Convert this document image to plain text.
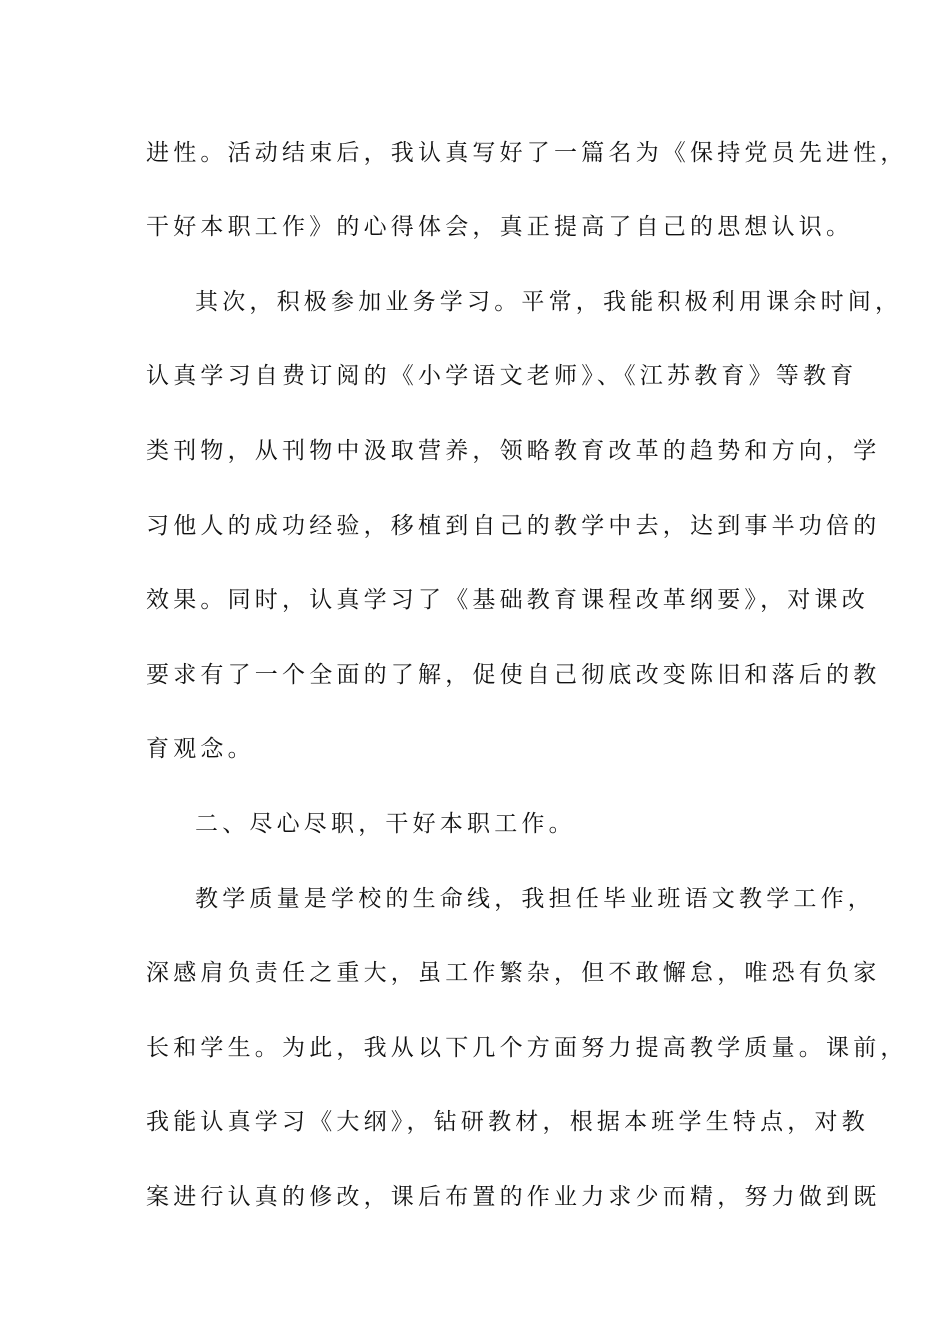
进性。活动结束后，我认真写好了一篇名为《保持党员先进性，
干好本职工作》的心得体会，真正提高了自己的思想认识。
其次，积极参加业务学习。平常，我能积极利用课余时间，
认真学习自费订阅的《小学语文老师》、《江苏教育》等教育
类刊物，从刊物中汲取营养，领略教育改革的趋势和方向，学
习他人的成功经验，移植到自己的教学中去，达到事半功倍的
效果。同时，认真学习了《基础教育课程改革纲要》，对课改
要求有了一个全面的了解，促使自己彻底改变陈旧和落后的教
育观念。
二、尽心尽职，干好本职工作。
教学质量是学校的生命线，我担任毕业班语文教学工作，
深感肩负责任之重大，虽工作繁杂，但不敢懈怠，唯恐有负家
长和学生。为此，我从以下几个方面努力提高教学质量。课前，
我能认真学习《大纲》，钻研教材，根据本班学生特点，对教
案进行认真的修改，课后布置的作业力求少而精，努力做到既
